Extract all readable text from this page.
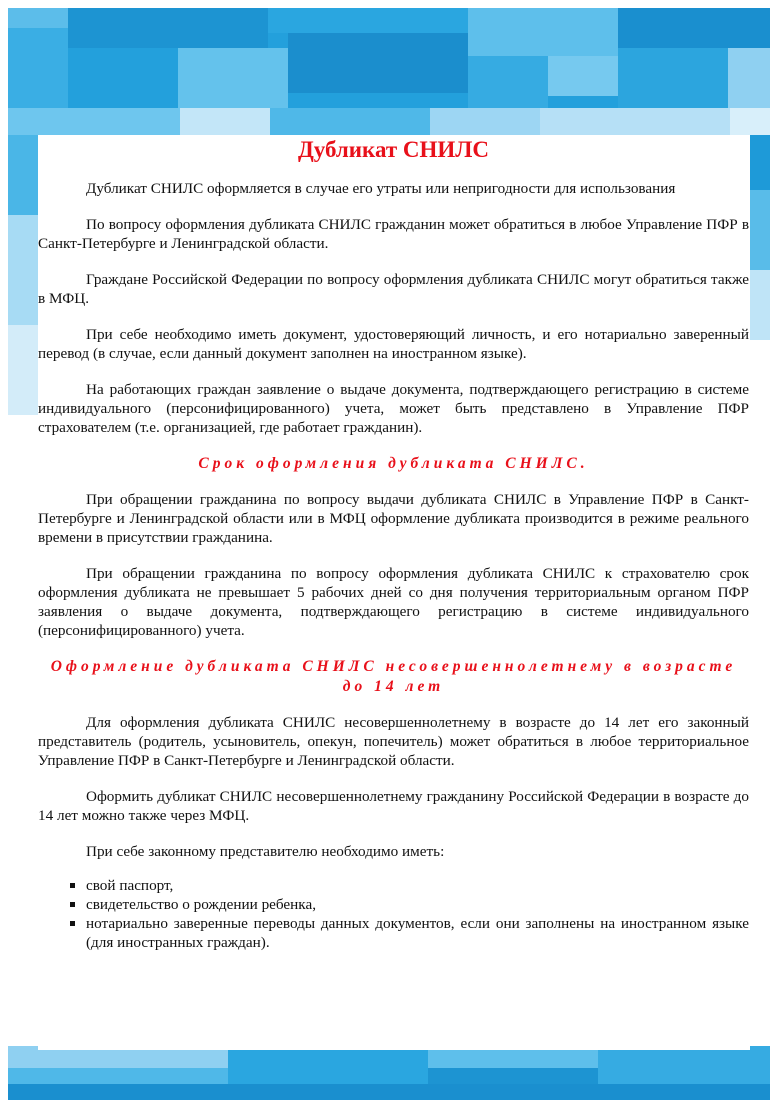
Дубликат СНИЛС

Дубликат СНИЛС оформляется в случае его утраты или непригодности для использования

По вопросу оформления дубликата СНИЛС гражданин может обратиться в любое Управление ПФР в Санкт-Петербурге и Ленинградской области.

Граждане Российской Федерации по вопросу оформления дубликата СНИЛС могут обратиться также в МФЦ.

При себе необходимо иметь документ, удостоверяющий личность, и его нотариально заверенный перевод (в случае, если данный документ заполнен на иностранном языке).

На работающих граждан заявление о выдаче документа, подтверждающего регистрацию в системе индивидуального (персонифицированного) учета, может быть представлено в Управление ПФР страхователем (т.е. организацией, где работает гражданин).

Срок оформления дубликата СНИЛС.

При обращении гражданина по вопросу выдачи дубликата СНИЛС в Управление ПФР в Санкт-Петербурге и Ленинградской области или в МФЦ оформление дубликата производится в режиме реального времени в присутствии гражданина.

При обращении гражданина по вопросу оформления дубликата СНИЛС к страхователю срок оформления дубликата не превышает 5 рабочих дней со дня получения территориальным органом ПФР заявления о выдаче документа, подтверждающего регистрацию в системе индивидуального (персонифицированного) учета.

Оформление дубликата СНИЛС несовершеннолетнему в возрасте до 14 лет

Для оформления дубликата СНИЛС несовершеннолетнему в возрасте до 14 лет его законный представитель (родитель, усыновитель, опекун, попечитель) может обратиться в любое территориальное Управление ПФР в Санкт-Петербурге и Ленинградской области.

Оформить дубликат СНИЛС несовершеннолетнему гражданину Российской Федерации в возрасте до 14 лет можно также через МФЦ.

При себе законному представителю необходимо иметь:

свой паспорт,
свидетельство о рождении ребенка,
нотариально заверенные переводы данных документов, если они заполнены на иностранном языке (для иностранных граждан).
